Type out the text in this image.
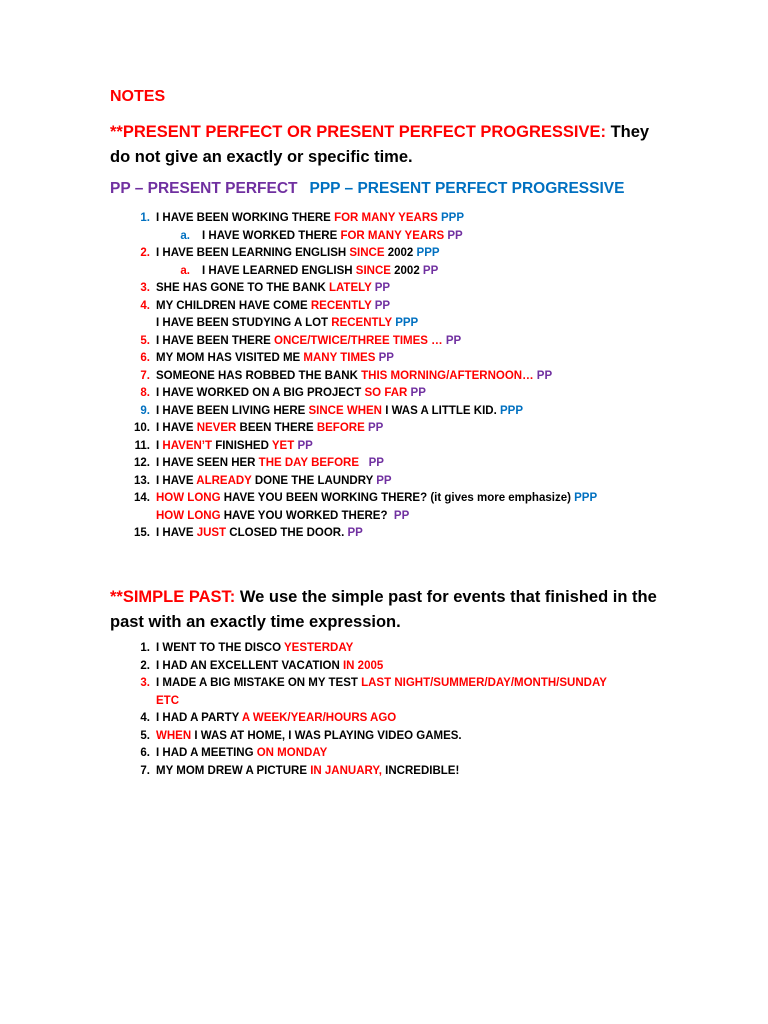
NOTES
**PRESENT PERFECT OR PRESENT PERFECT PROGRESSIVE: They do not give an exactly or specific time.

PP – PRESENT PERFECT PPP – PRESENT PERFECT PROGRESSIVE

1. I HAVE BEEN WORKING THERE FOR MANY YEARS PPP
a. I HAVE WORKED THERE FOR MANY YEARS PP
2. I HAVE BEEN LEARNING ENGLISH SINCE 2002 PPP
a. I HAVE LEARNED ENGLISH SINCE 2002 PP
3. SHE HAS GONE TO THE BANK LATELY PP
4. MY CHILDREN HAVE COME RECENTLY PP
I HAVE BEEN STUDYING A LOT RECENTLY PPP
5. I HAVE BEEN THERE ONCE/TWICE/THREE TIMES … PP
6. MY MOM HAS VISITED ME MANY TIMES PP
7. SOMEONE HAS ROBBED THE BANK THIS MORNING/AFTERNOON… PP
8. I HAVE WORKED ON A BIG PROJECT SO FAR PP
9. I HAVE BEEN LIVING HERE SINCE WHEN I WAS A LITTLE KID. PPP
10. I HAVE NEVER BEEN THERE BEFORE PP
11. I HAVEN’T FINISHED YET PP
12. I HAVE SEEN HER THE DAY BEFORE   PP
13. I HAVE ALREADY DONE THE LAUNDRY PP
14. HOW LONG HAVE YOU BEEN WORKING THERE? (it gives more emphasize) PPP
HOW LONG HAVE YOU WORKED THERE?  PP
15. I HAVE JUST CLOSED THE DOOR. PP
**SIMPLE PAST: We use the simple past for events that finished in the past with an exactly time expression.
1. I WENT TO THE DISCO YESTERDAY
2. I HAD AN EXCELLENT VACATION IN 2005
3. I MADE A BIG MISTAKE ON MY TEST LAST NIGHT/SUMMER/DAY/MONTH/SUNDAY
ETC
4. I HAD A PARTY A WEEK/YEAR/HOURS AGO
5. WHEN I WAS AT HOME, I WAS PLAYING VIDEO GAMES.
6. I HAD A MEETING ON MONDAY
7. MY MOM DREW A PICTURE IN JANUARY, INCREDIBLE!
